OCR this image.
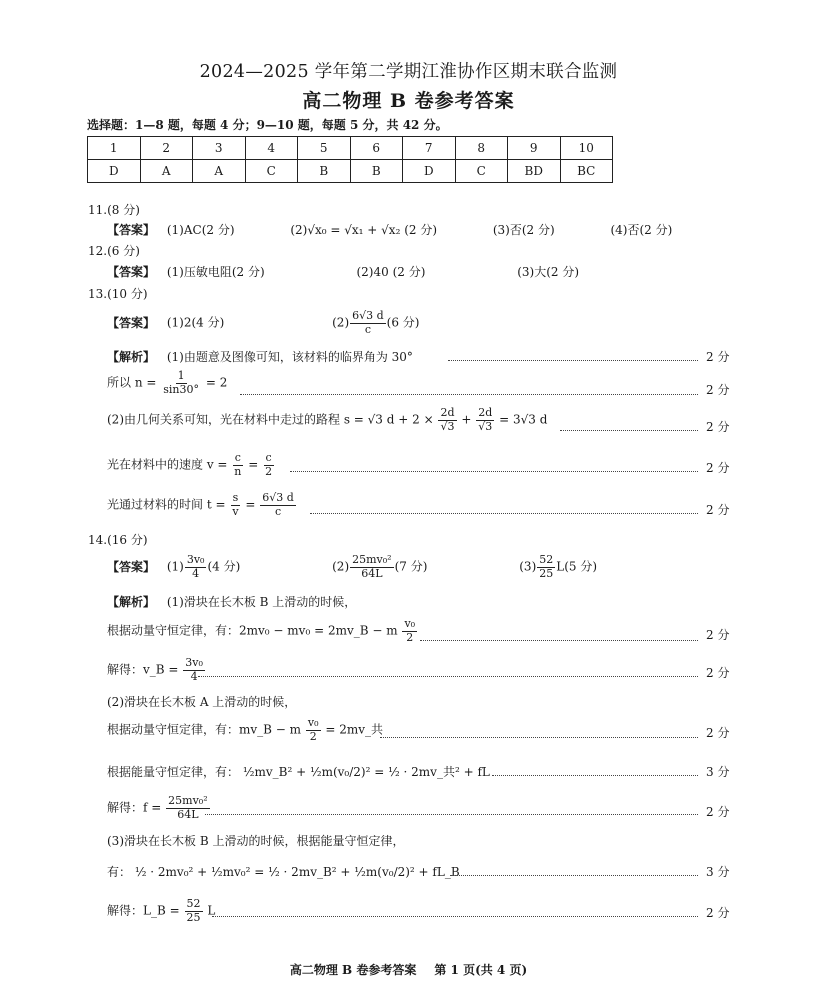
2024—2025 学年第二学期江淮协作区期末联合监测
高二物理 B 卷参考答案
选择题：1—8 题，每题 4 分；9—10 题，每题 5 分，共 42 分。
1	2	3	4	5	6	7	8	9	10
D	A	A	C	B	B	D	C	BD	BC
11.(8 分)
【答案】 (1)AC(2 分)	(2)√x₀ = √x₁ + √x₂ (2 分)	(3)否(2 分)	(4)否(2 分)
12.(6 分)
【答案】 (1)压敏电阻(2 分)	(2)40 (2 分)	(3)大(2 分)
13.(10 分)
【答案】 (1)2(4 分)	$(2) \frac{6√3 d}{c} (6$ 分)
【解析】 (1)由题意及图像可知，该材料的临界角为 30°	2 分
所以 $n = \frac{1}{\sin 30^\circ} = 2$
2 分
(2)由几何关系可知，光在材料中走过的路程 s = √3 $d + 2 \times \frac{2d}{√3} + \frac{2d}{√3} = 3√3$ d
2 分
光在材料中的速度 $v = \frac{c}{n} = \frac{c}{2}$	2 分
光通过材料的时间 $t = \frac{s}{v} = \frac{6√3 d}{c}$	2 分
14.(16 分)
【答案】 $(1) \frac{\text{3v₀}}{4} (4$ 分)	$(2) \frac{\text{25mv₀²}}{64L} (7$ 分)	$(3) \frac{52}{25} L(5$ 分)
【解析】 (1)滑块在长木板 B 上滑动的时候，
根据动量守恒定律，有：2mv₀ − mv₀ = 2mv_B − m $\frac{\text{v₀}}{2}$	2 分
解得：v_B = $\frac{\text{3v₀}}{4}$	2 分
(2)滑块在长木板 A 上滑动的时候，
根据动量守恒定律，有：mv_B − m $\frac{\text{v₀}}{2}$ = 2mv_共	2 分
根据能量守恒定律，有： ½mv_B² + ½m(v₀/2)² = ½ · 2mv_共² + fL	3 分
解得：$f = \frac{\text{25mv₀²}}{64L}$	2 分
(3)滑块在长木板 B 上滑动的时候，根据能量守恒定律，
有： ½ · 2mv₀² + ½mv₀² = ½ · 2mv_B² + ½m(v₀/2)² + fL_B	3 分
解得：L_B = $\frac{52}{25}$ L	2 分
高二物理 B 卷参考答案 第 1 页(共 4 页)
